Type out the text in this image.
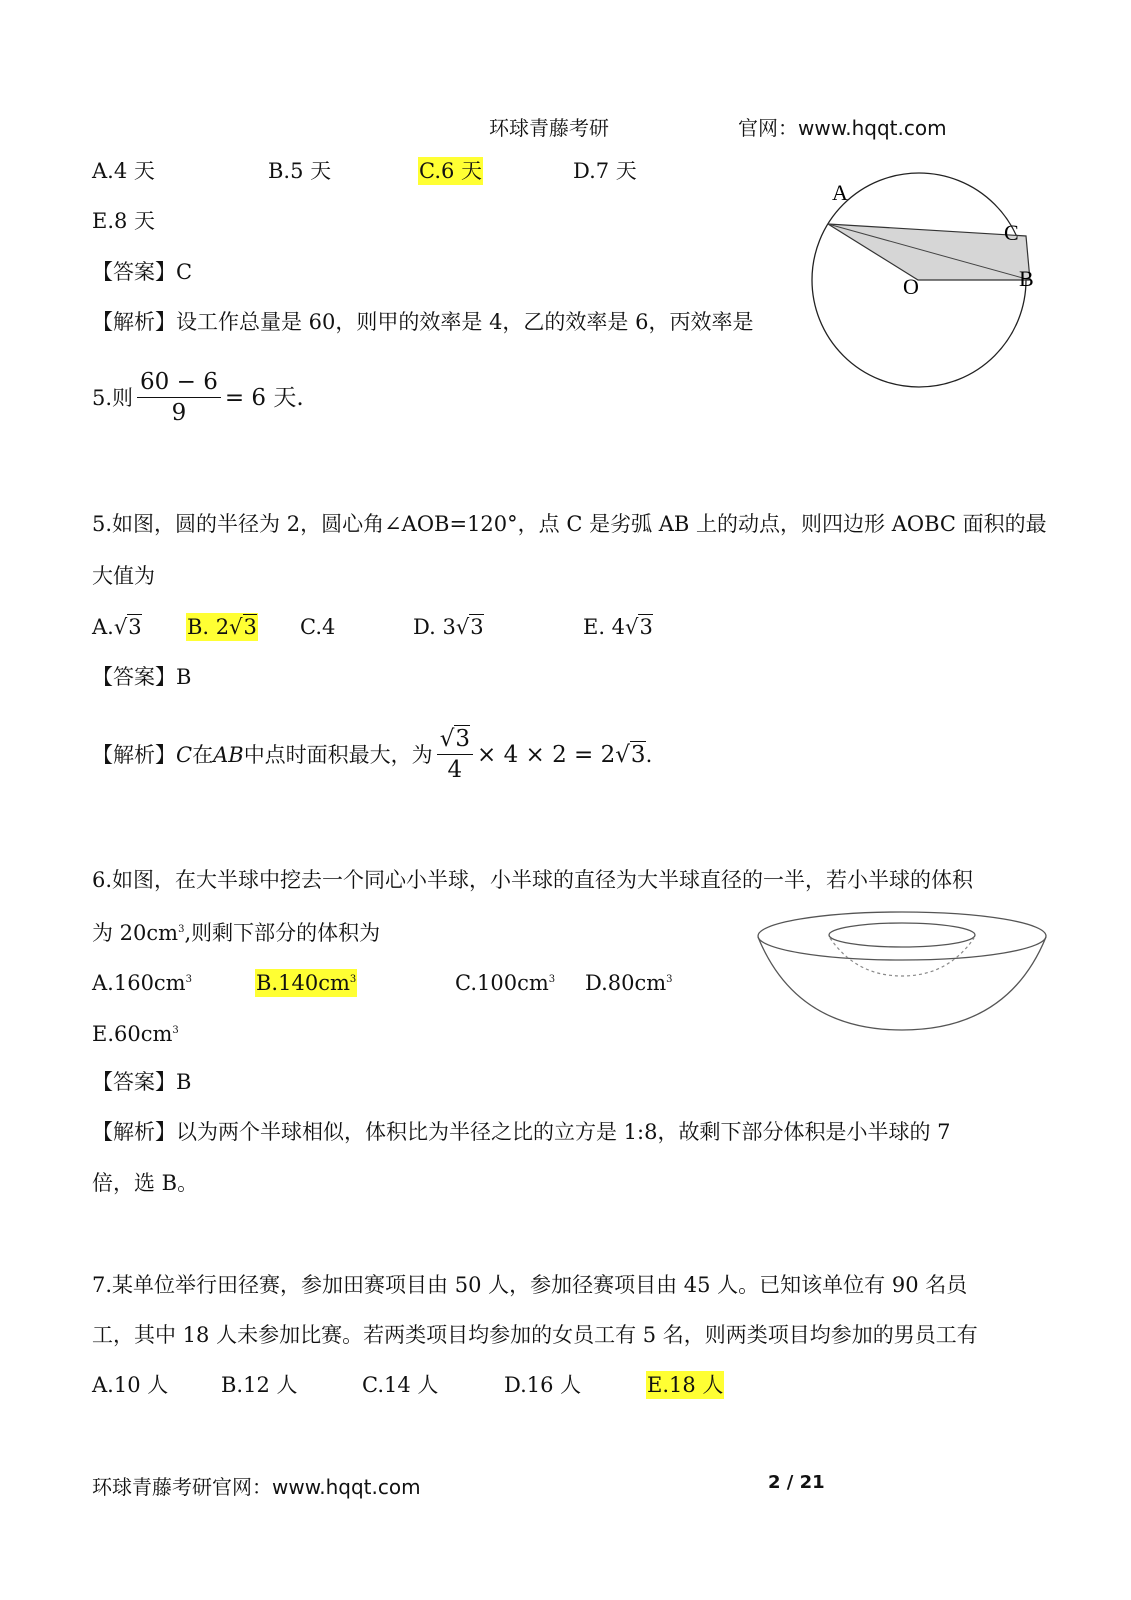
环球青藤考研	官网：www.hqqt.com
A.4 天	B.5 天	C.6 天	D.7 天
E.8 天
【答案】C
【解析】设工作总量是 60，则甲的效率是 4，乙的效率是 6，丙效率是
5.则 $\frac{60 - 6}{9} = 6$ 天.
A
C
O	B
5.如图，圆的半径为 2，圆心角∠AOB=120°，点 C 是劣弧 AB 上的动点，则四边形 AOBC 面积的最
大值为
A.√3 B. 2√3 C.4	D. 3√3	E. 4√3
【答案】B
【解析】 C 在 AB 中点时面积最大，为 $\frac{√3}{4} \times 4 \times 2 = 2$ √3 .
6.如图，在大半球中挖去一个同心小半球，小半球的直径为大半球直径的一半，若小半球的体积
为 $20cm^3$,则剩下部分的体积为
$A.160cm^3$	$B.140cm^3$	$C.100cm^3$ $D.80cm^3$
$E.60cm^3$
【答案】B
【解析】以为两个半球相似，体积比为半径之比的立方是 1:8，故剩下部分体积是小半球的 7
倍，选 B。
7.某单位举行田径赛，参加田赛项目由 50 人，参加径赛项目由 45 人。已知该单位有 90 名员
工，其中 18 人未参加比赛。若两类项目均参加的女员工有 5 名，则两类项目均参加的男员工有
A.10 人	B.12 人	C.14 人	D.16 人	E.18 人
环球青藤考研官网：www.hqqt.com	2 / 21
